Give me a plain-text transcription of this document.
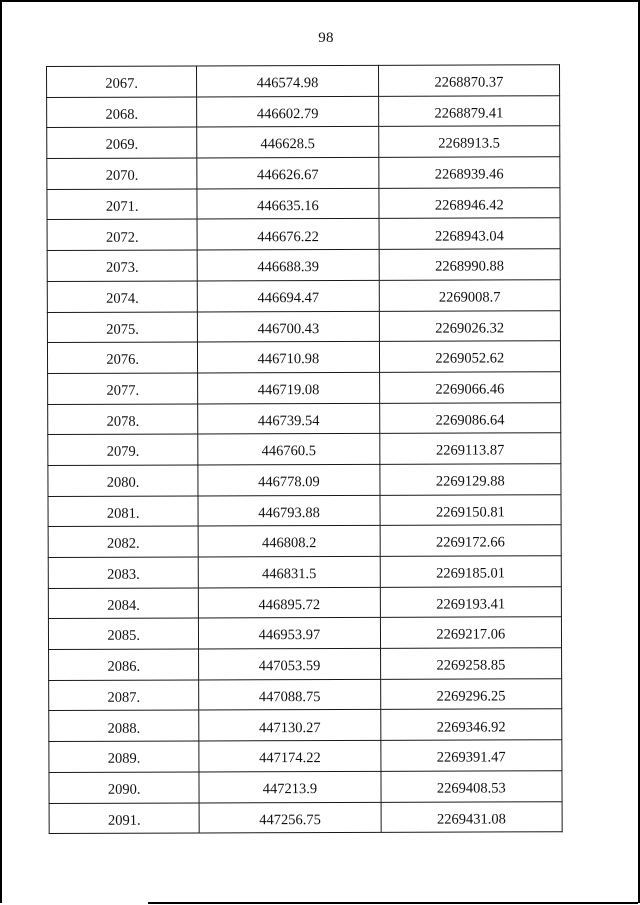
98
2067.	446574.98	2268870.37
2068.	446602.79	2268879.41
2069.	446628.5	2268913.5
2070.	446626.67	2268939.46
2071.	446635.16	2268946.42
2072.	446676.22	2268943.04
2073.	446688.39	2268990.88
2074.	446694.47	2269008.7
2075.	446700.43	2269026.32
2076.	446710.98	2269052.62
2077.	446719.08	2269066.46
2078.	446739.54	2269086.64
2079.	446760.5	2269113.87
2080.	446778.09	2269129.88
2081.	446793.88	2269150.81
2082.	446808.2	2269172.66
2083.	446831.5	2269185.01
2084.	446895.72	2269193.41
2085.	446953.97	2269217.06
2086.	447053.59	2269258.85
2087.	447088.75	2269296.25
2088.	447130.27	2269346.92
2089.	447174.22	2269391.47
2090.	447213.9	2269408.53
2091.	447256.75	2269431.08
